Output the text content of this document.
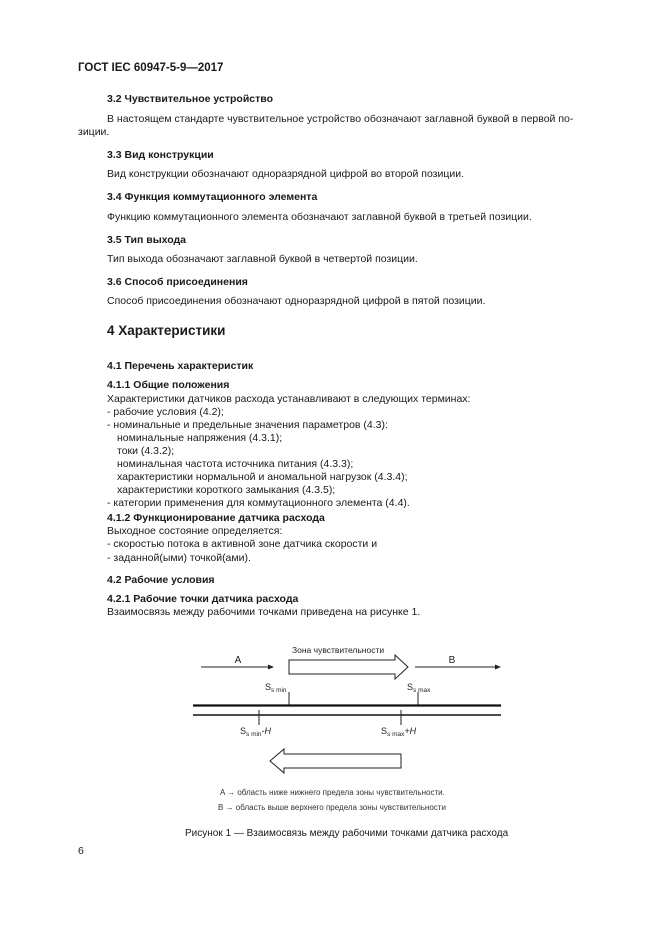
ГОСТ IEC 60947-5-9—2017
3.2 Чувствительное устройство
В настоящем стандарте чувствительное устройство обозначают заглавной буквой в первой по-
зиции.
3.3 Вид конструкции
Вид конструкции обозначают одноразрядной цифрой во второй позиции.
3.4 Функция коммутационного элемента
Функцию коммутационного элемента обозначают заглавной буквой в третьей позиции.
3.5 Тип выхода
Тип выхода обозначают заглавной буквой в четвертой позиции.
3.6 Способ присоединения
Способ присоединения обозначают одноразрядной цифрой в пятой позиции.
4 Характеристики
4.1 Перечень характеристик
4.1.1 Общие положения
Характеристики датчиков расхода устанавливают в следующих терминах:
- рабочие условия (4.2);
- номинальные и предельные значения параметров (4.3):
номинальные напряжения (4.3.1);
токи (4.3.2);
номинальная частота источника питания (4.3.3);
характеристики нормальной и аномальной нагрузок (4.3.4);
характеристики короткого замыкания (4.3.5);
- категории применения для коммутационного элемента (4.4).
4.1.2 Функционирование датчика расхода
Выходное состояние определяется:
- скоростью потока в активной зоне датчика скорости и
- заданной(ыми) точкой(ами).
4.2 Рабочие условия
4.2.1 Рабочие точки датчика расхода
Взаимосвязь между рабочими точками приведена на рисунке 1.
A	B
Зона чувствительности
$S_{s min}$	$S_{s max}$
$S_{s min}-H$	$S_{s max}+H$
A → область ниже нижнего предела зоны чувствительности.
B → область выше верхнего предела зоны чувствительности
Рисунок 1 — Взаимосвязь между рабочими точками датчика расхода
6
